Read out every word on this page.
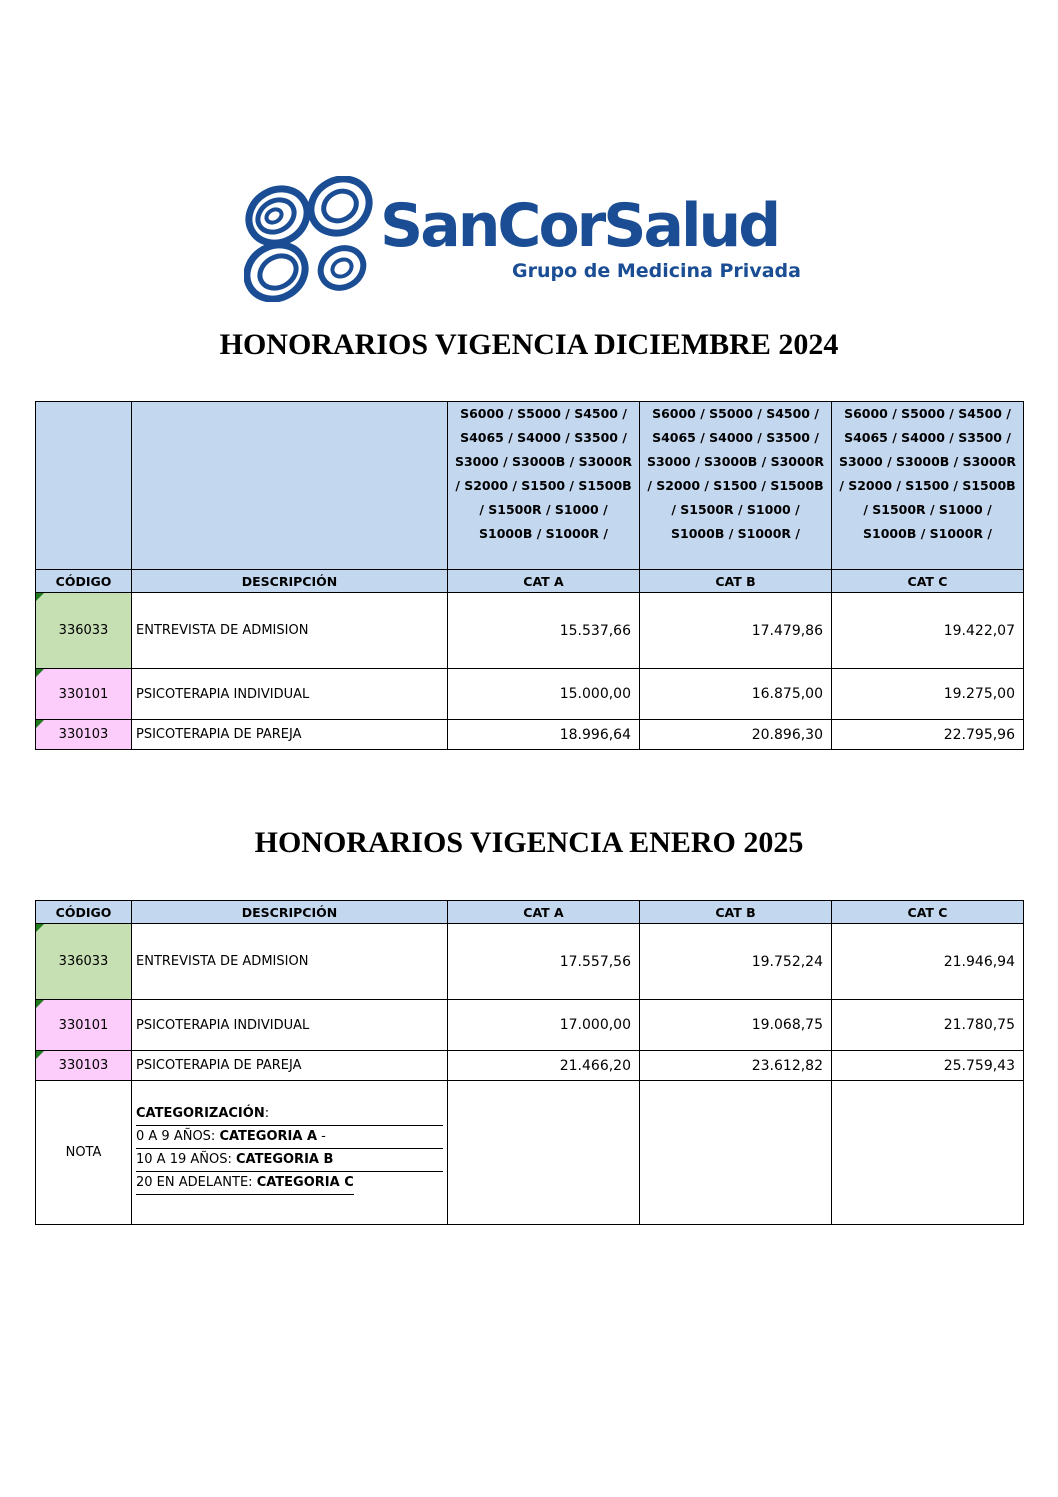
SanCorSalud
Grupo de Medicina Privada
HONORARIOS VIGENCIA DICIEMBRE 2024
		S6000 / S5000 / S4500 / S4065 / S4000 / S3500 / S3000 / S3000B / S3000R / S2000 / S1500 / S1500B / S1500R / S1000 / S1000B / S1000R /	S6000 / S5000 / S4500 / S4065 / S4000 / S3500 / S3000 / S3000B / S3000R / S2000 / S1500 / S1500B / S1500R / S1000 / S1000B / S1000R /	S6000 / S5000 / S4500 / S4065 / S4000 / S3500 / S3000 / S3000B / S3000R / S2000 / S1500 / S1500B / S1500R / S1000 / S1000B / S1000R /
CÓDIGO	DESCRIPCIÓN	CAT A	CAT B	CAT C

336033	ENTREVISTA DE ADMISION	15.537,66	17.479,86	19.422,07

330101	PSICOTERAPIA INDIVIDUAL	15.000,00	16.875,00	19.275,00

330103	PSICOTERAPIA DE PAREJA	18.996,64	20.896,30	22.795,96
HONORARIOS VIGENCIA ENERO 2025
CÓDIGO	DESCRIPCIÓN	CAT A	CAT B	CAT C

336033	ENTREVISTA DE ADMISION	17.557,56	19.752,24	21.946,94

330101	PSICOTERAPIA INDIVIDUAL	17.000,00	19.068,75	21.780,75

330103	PSICOTERAPIA DE PAREJA	21.466,20	23.612,82	25.759,43
NOTA	CATEGORIZACIÓN:
0 A 9 AÑOS: CATEGORIA A -
10 A 19 AÑOS: CATEGORIA B
20 EN ADELANTE: CATEGORIA C			
